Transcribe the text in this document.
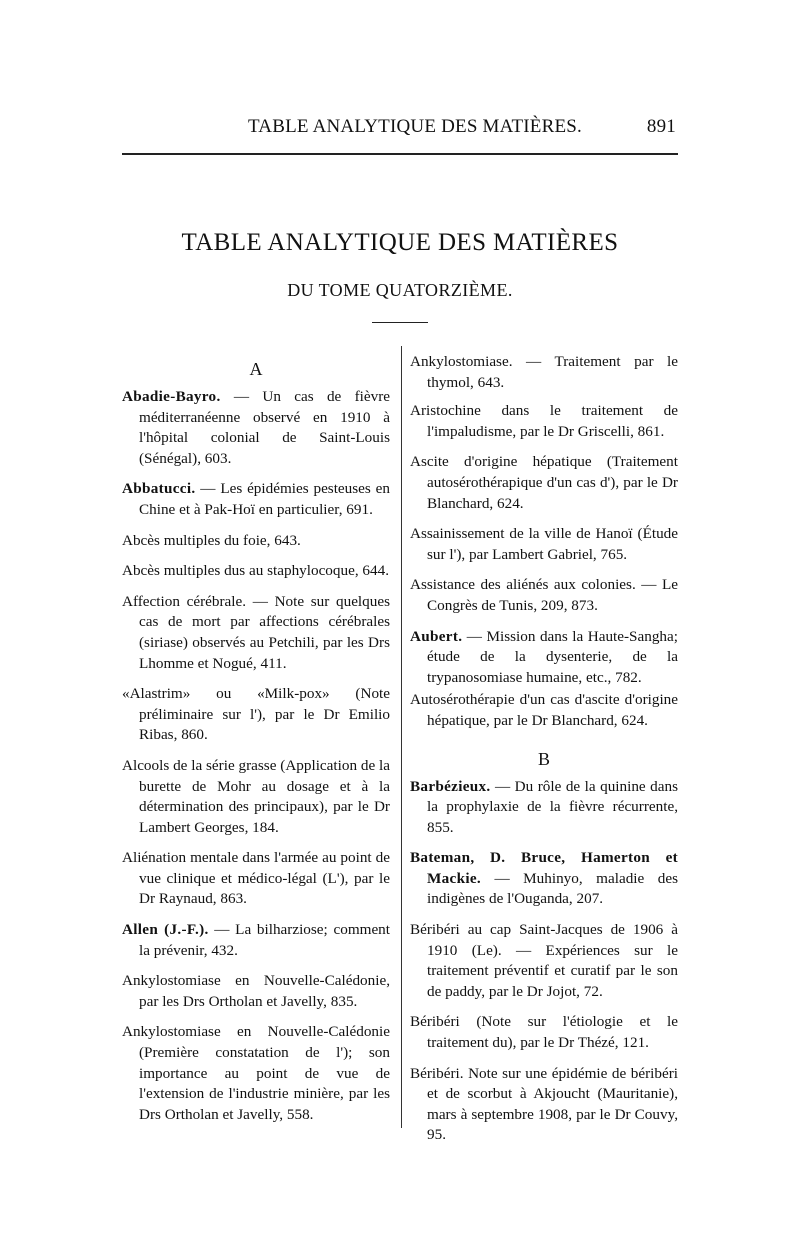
TABLE ANALYTIQUE DES MATIÈRES.	891
TABLE ANALYTIQUE DES MATIÈRES
DU TOME QUATORZIÈME.
A

Abadie-Bayro. — Un cas de fièvre méditerranéenne observé en 1910 à l'hôpital colonial de Saint-Louis (Sénégal), 603.

Abbatucci. — Les épidémies pesteuses en Chine et à Pak-Hoï en particulier, 691.

Abcès multiples du foie, 643.

Abcès multiples dus au staphylocoque, 644.

Affection cérébrale. — Note sur quelques cas de mort par affections cérébrales (siriase) observés au Petchili, par les Drs Lhomme et Nogué, 411.

«Alastrim» ou «Milk-pox» (Note préliminaire sur l'), par le Dr Emilio Ribas, 860.

Alcools de la série grasse (Application de la burette de Mohr au dosage et à la détermination des principaux), par le Dr Lambert Georges, 184.

Aliénation mentale dans l'armée au point de vue clinique et médico-légal (L'), par le Dr Raynaud, 863.

Allen (J.-F.). — La bilharziose; comment la prévenir, 432.

Ankylostomiase en Nouvelle-Calédonie, par les Drs Ortholan et Javelly, 835.

Ankylostomiase en Nouvelle-Calédonie (Première constatation de l'); son importance au point de vue de l'extension de l'industrie minière, par les Drs Ortholan et Javelly, 558.

Ankylostomiase. — Traitement par le thymol, 643.

Aristochine dans le traitement de l'impaludisme, par le Dr Griscelli, 861.

Ascite d'origine hépatique (Traitement autosérothérapique d'un cas d'), par le Dr Blanchard, 624.

Assainissement de la ville de Hanoï (Étude sur l'), par Lambert Gabriel, 765.

Assistance des aliénés aux colonies. — Le Congrès de Tunis, 209, 873.

Aubert. — Mission dans la Haute-Sangha; étude de la dysenterie, de la trypanosomiase humaine, etc., 782.

Autosérothérapie d'un cas d'ascite d'origine hépatique, par le Dr Blanchard, 624.

B

Barbézieux. — Du rôle de la quinine dans la prophylaxie de la fièvre récurrente, 855.

Bateman, D. Bruce, Hamerton et Mackie. — Muhinyo, maladie des indigènes de l'Ouganda, 207.

Béribéri au cap Saint-Jacques de 1906 à 1910 (Le). — Expériences sur le traitement préventif et curatif par le son de paddy, par le Dr Jojot, 72.

Béribéri (Note sur l'étiologie et le traitement du), par le Dr Thézé, 121.

Béribéri. Note sur une épidémie de béribéri et de scorbut à Akjoucht (Mauritanie), mars à septembre 1908, par le Dr Couvy, 95.
